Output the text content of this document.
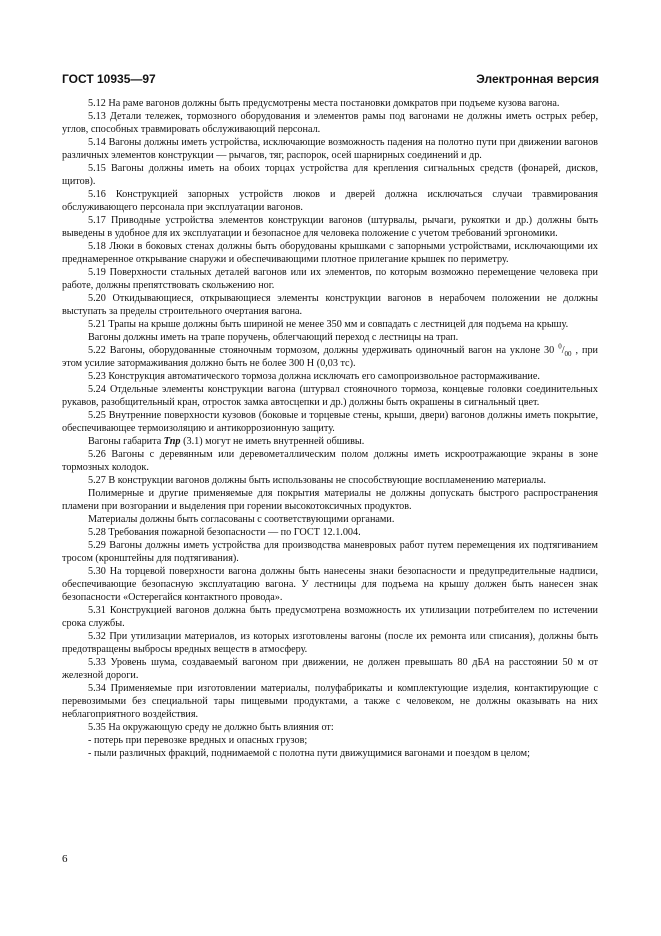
ГОСТ 10935—97	Электронная версия

5.12 На раме вагонов должны быть предусмотрены места постановки домкратов при подъеме кузова вагона.

5.13 Детали тележек, тормозного оборудования и элементов рамы под вагонами не должны иметь острых ребер, углов, способных травмировать обслуживающий персонал.

5.14 Вагоны должны иметь устройства, исключающие возможность падения на полотно пути при движении вагонов различных элементов конструкции — рычагов, тяг, распорок, осей шарнирных соединений и др.

5.15 Вагоны должны иметь на обоих торцах устройства для крепления сигнальных средств (фонарей, дисков, щитов).

5.16 Конструкцией запорных устройств люков и дверей должна исключаться случаи травмирования обслуживающего персонала при эксплуатации вагонов.

5.17 Приводные устройства элементов конструкции вагонов (штурвалы, рычаги, рукоятки и др.) должны быть выведены в удобное для их эксплуатации и безопасное для человека положение с учетом требований эргономики.

5.18 Люки в боковых стенах должны быть оборудованы крышками с запорными устройствами, исключающими их преднамеренное открывание снаружи и обеспечивающими плотное прилегание крышек по периметру.

5.19 Поверхности стальных деталей вагонов или их элементов, по которым возможно перемещение человека при работе, должны препятствовать скольжению ног.

5.20 Откидывающиеся, открывающиеся элементы конструкции вагонов в нерабочем положении не должны выступать за пределы строительного очертания вагона.

5.21 Трапы на крыше должны быть шириной не менее 350 мм и совпадать с лестницей для подъема на крышу.

Вагоны должны иметь на трапе поручень, облегчающий переход с лестницы на трап.

5.22 Вагоны, оборудованные стояночным тормозом, должны удерживать одиночный вагон на уклоне 30 $^0/_{00}$ , при этом усилие затормаживания должно быть не более 300 Н (0,03 тс).

5.23 Конструкция автоматического тормоза должна исключать его самопроизвольное растормаживание.

5.24 Отдельные элементы конструкции вагона (штурвал стояночного тормоза, концевые головки соединительных рукавов, разобщительный кран, отросток замка автосцепки и др.) должны быть окрашены в сигнальный цвет.

5.25 Внутренние поверхности кузовов (боковые и торцевые стены, крыши, двери) вагонов должны иметь покрытие, обеспечивающее термоизоляцию и антикоррозионную защиту.

Вагоны габарита Тпр (3.1) могут не иметь внутренней обшивы.

5.26 Вагоны с деревянным или деревометаллическим полом должны иметь искроотражающие экраны в зоне тормозных колодок.

5.27 В конструкции вагонов должны быть использованы не способствующие воспламенению материалы.

Полимерные и другие применяемые для покрытия материалы не должны допускать быстрого распространения пламени при возгорании и выделения при горении высокотоксичных продуктов.

Материалы должны быть согласованы с соответствующими органами.

5.28 Требования пожарной безопасности — по ГОСТ 12.1.004.

5.29 Вагоны должны иметь устройства для производства маневровых работ путем перемещения их подтягиванием тросом (кронштейны для подтягивания).

5.30 На торцевой поверхности вагона должны быть нанесены знаки безопасности и предупредительные надписи, обеспечивающие безопасную эксплуатацию вагона. У лестницы для подъема на крышу должен быть нанесен знак безопасности «Остерегайся контактного провода».

5.31 Конструкцией вагонов должна быть предусмотрена возможность их утилизации потребителем по истечении срока службы.

5.32 При утилизации материалов, из которых изготовлены вагоны (после их ремонта или списания), должны быть предотвращены выбросы вредных веществ в атмосферу.

5.33 Уровень шума, создаваемый вагоном при движении, не должен превышать 80 дБА на расстоянии 50 м от железной дороги.

5.34 Применяемые при изготовлении материалы, полуфабрикаты и комплектующие изделия, контактирующие с перевозимыми без специальной тары пищевыми продуктами, а также с человеком, не должны оказывать на них неблагоприятного воздействия.

5.35 На окружающую среду не должно быть влияния от:

- потерь при перевозке вредных и опасных грузов;

- пыли различных фракций, поднимаемой с полотна пути движущимися вагонами и поездом в целом;

6
